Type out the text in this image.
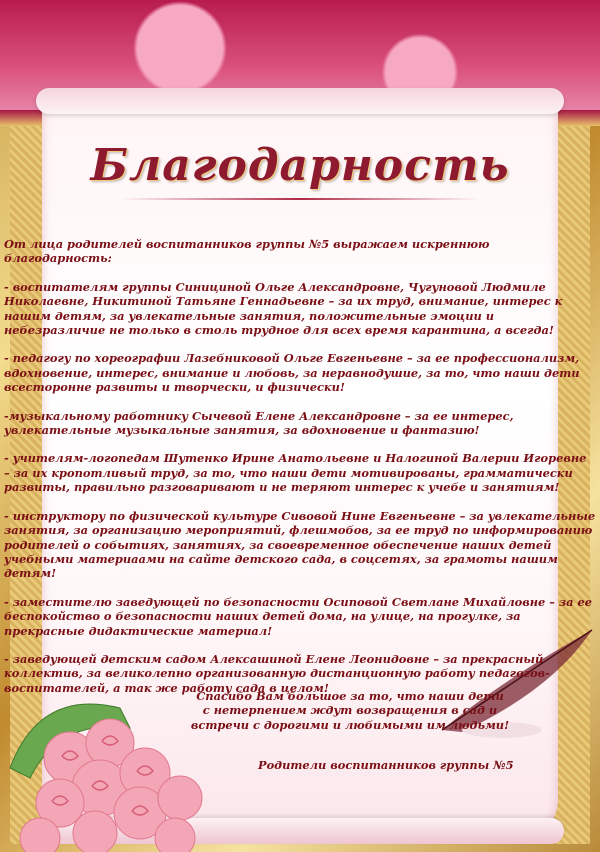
Благодарность

От лица родителей воспитанников группы №5 выражаем искреннюю благодарность:

- воспитателям группы Синициной Ольге Александровне, Чугуновой Людмиле Николаевне, Никитиной Татьяне Геннадьевне – за их труд, внимание, интерес к нашим детям, за увлекательные занятия, положительные эмоции и небезразличие не только в столь трудное для всех время карантина, а всегда!

- педагогу по хореографии Лазебниковой Ольге Евгеньевне – за ее профессионализм, вдохновение, интерес, внимание и любовь, за неравнодушие, за то, что наши дети всесторонне развиты и творчески, и физически!

-музыкальному работнику Сычевой Елене Александровне – за ее интерес, увлекательные музыкальные занятия, за вдохновение и фантазию!

- учителям-логопедам Шутенко Ирине Анатольевне и Налогиной Валерии Игоревне – за их кропотливый труд, за то, что наши дети мотивированы, грамматически развиты, правильно разговаривают и не теряют интерес к учебе и занятиям!

- инструктору по физической культуре Сивовой Нине Евгеньевне – за увлекательные занятия, за организацию мероприятий, флешмобов, за ее труд по информированию родителей о событиях, занятиях, за своевременное обеспечение наших детей учебными материаами на сайте детского сада, в соцсетях, за грамоты нашим детям!

- заместителю заведующей по безопасности Осиповой Светлане Михайловне – за ее беспокойство о безопасности наших детей дома, на улице, на прогулке, за прекрасные дидактические материал!

- заведующей детским садом Алексашиной Елене Леонидовне – за прекрасный коллектив, за великолепно организованную дистанционную работу педагогов-воспитателей, а так же работу сада в целом!

Спасибо Вам большое за то, что наши дети
с нетерпением ждут возвращения в сад и
встречи с дорогими и любимыми им людьми!
Родители воспитанников группы №5
